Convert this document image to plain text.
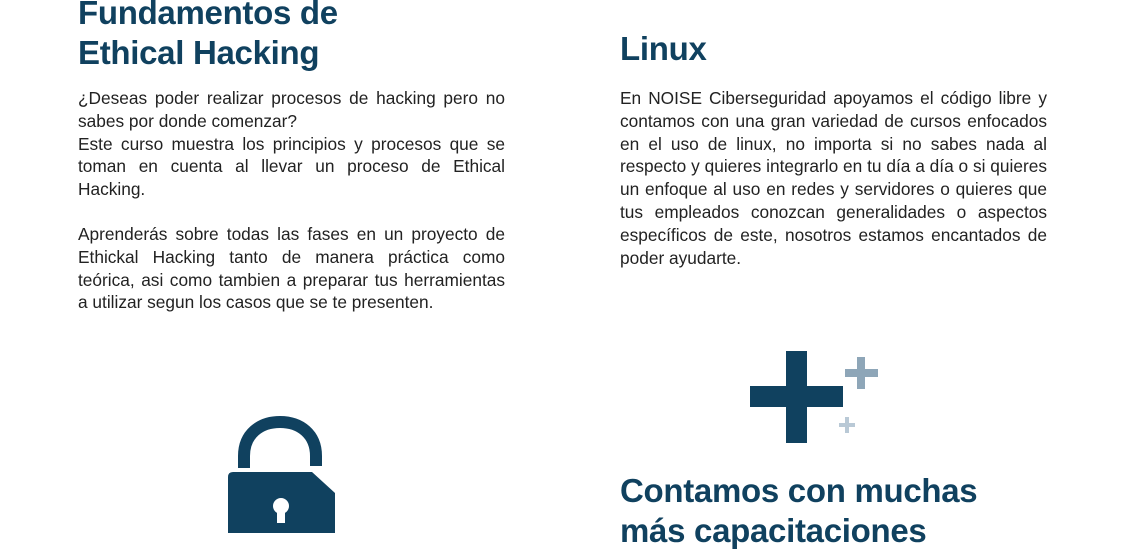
Fundamentos de
Ethical Hacking

¿Deseas poder realizar procesos de hacking pero no sabes por donde comenzar?
Este curso muestra los principios y procesos que se toman en cuenta al llevar un proceso de Ethical Hacking.

Aprenderás sobre todas las fases en un proyecto de Ethickal Hacking tanto de manera práctica como teórica, asi como tambien a preparar tus herramientas a utilizar segun los casos que se te presenten.

Linux

En NOISE Ciberseguridad apoyamos el código libre y contamos con una gran variedad de cursos enfocados en el uso de linux, no importa si no sabes nada al respecto y quieres integrarlo en tu día a día o si quieres un enfoque al uso en redes y servidores o quieres que tus empleados conozcan generalidades o aspectos específicos de este, nosotros estamos encantados de poder ayudarte.

Contamos con muchas
más capacitaciones
